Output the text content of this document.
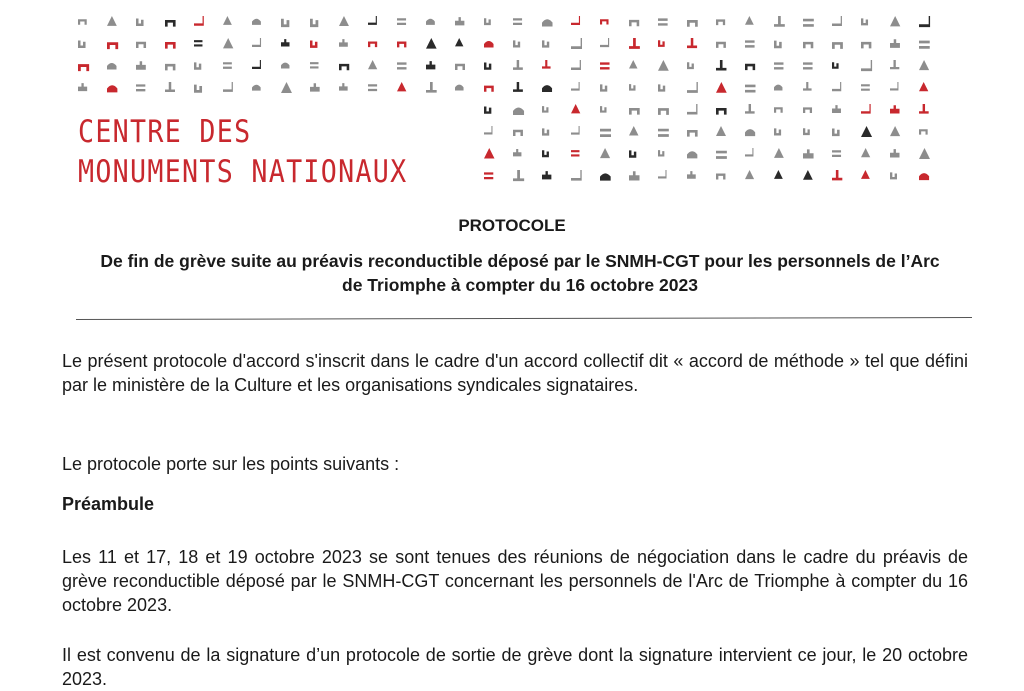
CENTRE DES
MONUMENTS NATIONAUX
PROTOCOLE
De fin de grève suite au préavis reconductible déposé par le SNMH-CGT pour les personnels de l’Arc de Triomphe à compter du 16 octobre 2023

Le présent protocole d'accord s'inscrit dans le cadre d'un accord collectif dit « accord de méthode » tel que défini par le ministère de la Culture et les organisations syndicales signataires.

Le protocole porte sur les points suivants :

Préambule

Les 11 et 17, 18 et 19 octobre 2023 se sont tenues des réunions de négociation dans le cadre du préavis de grève reconductible déposé par le SNMH-CGT concernant les personnels de l'Arc de Triomphe à compter du 16 octobre 2023.

Il est convenu de la signature d’un protocole de sortie de grève dont la signature intervient ce jour, le 20 octobre 2023.
